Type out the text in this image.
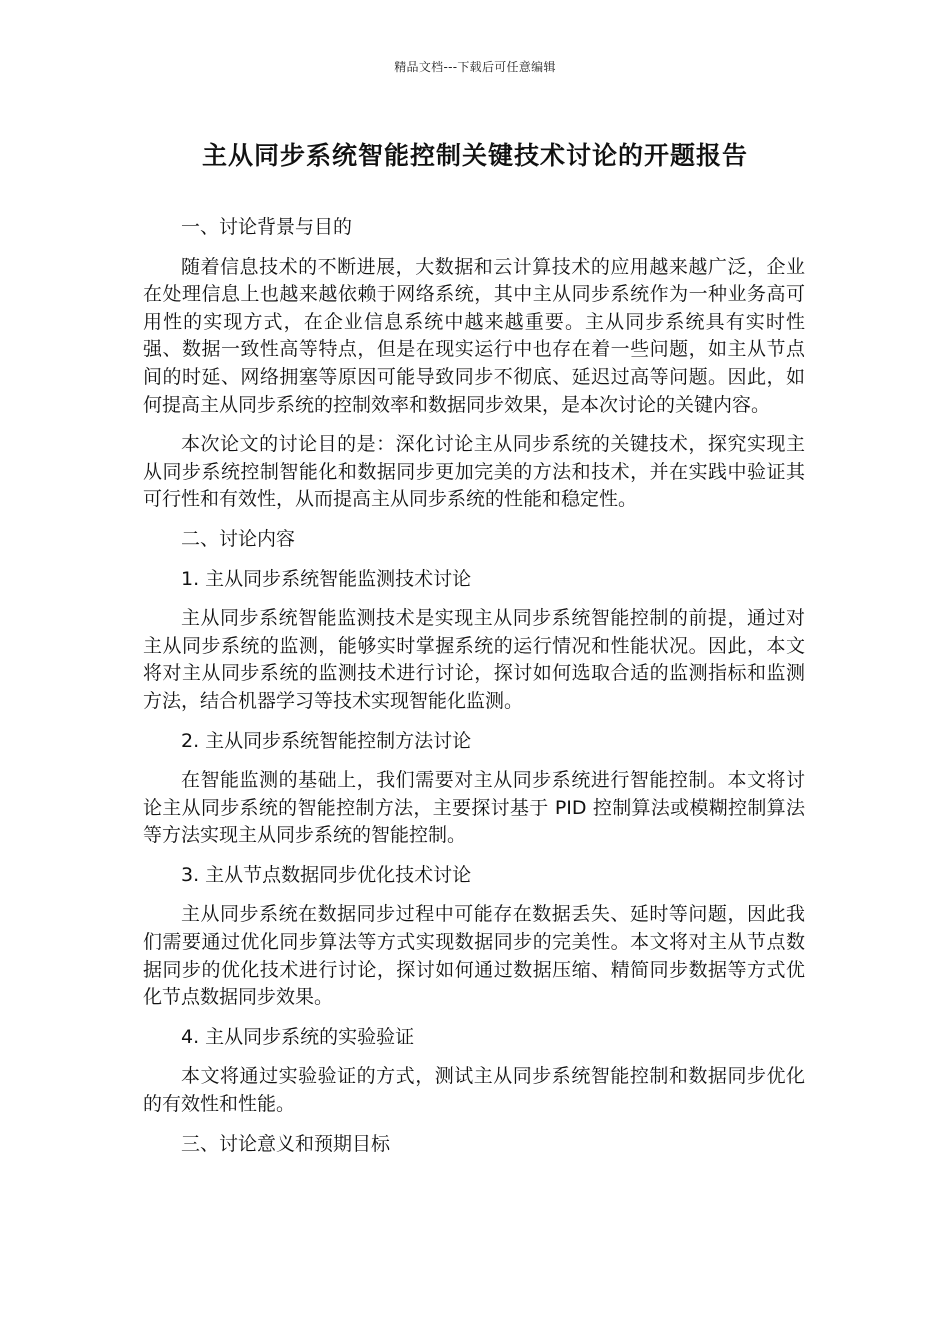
精品文档---下载后可任意编辑
主从同步系统智能控制关键技术讨论的开题报告

一、讨论背景与目的

随着信息技术的不断进展，大数据和云计算技术的应用越来越广泛，企业在处理信息上也越来越依赖于网络系统，其中主从同步系统作为一种业务高可用性的实现方式，在企业信息系统中越来越重要。主从同步系统具有实时性强、数据一致性高等特点，但是在现实运行中也存在着一些问题，如主从节点间的时延、网络拥塞等原因可能导致同步不彻底、延迟过高等问题。因此，如何提高主从同步系统的控制效率和数据同步效果，是本次讨论的关键内容。

本次论文的讨论目的是：深化讨论主从同步系统的关键技术，探究实现主从同步系统控制智能化和数据同步更加完美的方法和技术，并在实践中验证其可行性和有效性，从而提高主从同步系统的性能和稳定性。

二、讨论内容

1. 主从同步系统智能监测技术讨论

主从同步系统智能监测技术是实现主从同步系统智能控制的前提，通过对主从同步系统的监测，能够实时掌握系统的运行情况和性能状况。因此，本文将对主从同步系统的监测技术进行讨论，探讨如何选取合适的监测指标和监测方法，结合机器学习等技术实现智能化监测。

2. 主从同步系统智能控制方法讨论

在智能监测的基础上，我们需要对主从同步系统进行智能控制。本文将讨论主从同步系统的智能控制方法，主要探讨基于 PID 控制算法或模糊控制算法等方法实现主从同步系统的智能控制。

3. 主从节点数据同步优化技术讨论

主从同步系统在数据同步过程中可能存在数据丢失、延时等问题，因此我们需要通过优化同步算法等方式实现数据同步的完美性。本文将对主从节点数据同步的优化技术进行讨论，探讨如何通过数据压缩、精简同步数据等方式优化节点数据同步效果。

4. 主从同步系统的实验验证

本文将通过实验验证的方式，测试主从同步系统智能控制和数据同步优化的有效性和性能。

三、讨论意义和预期目标
